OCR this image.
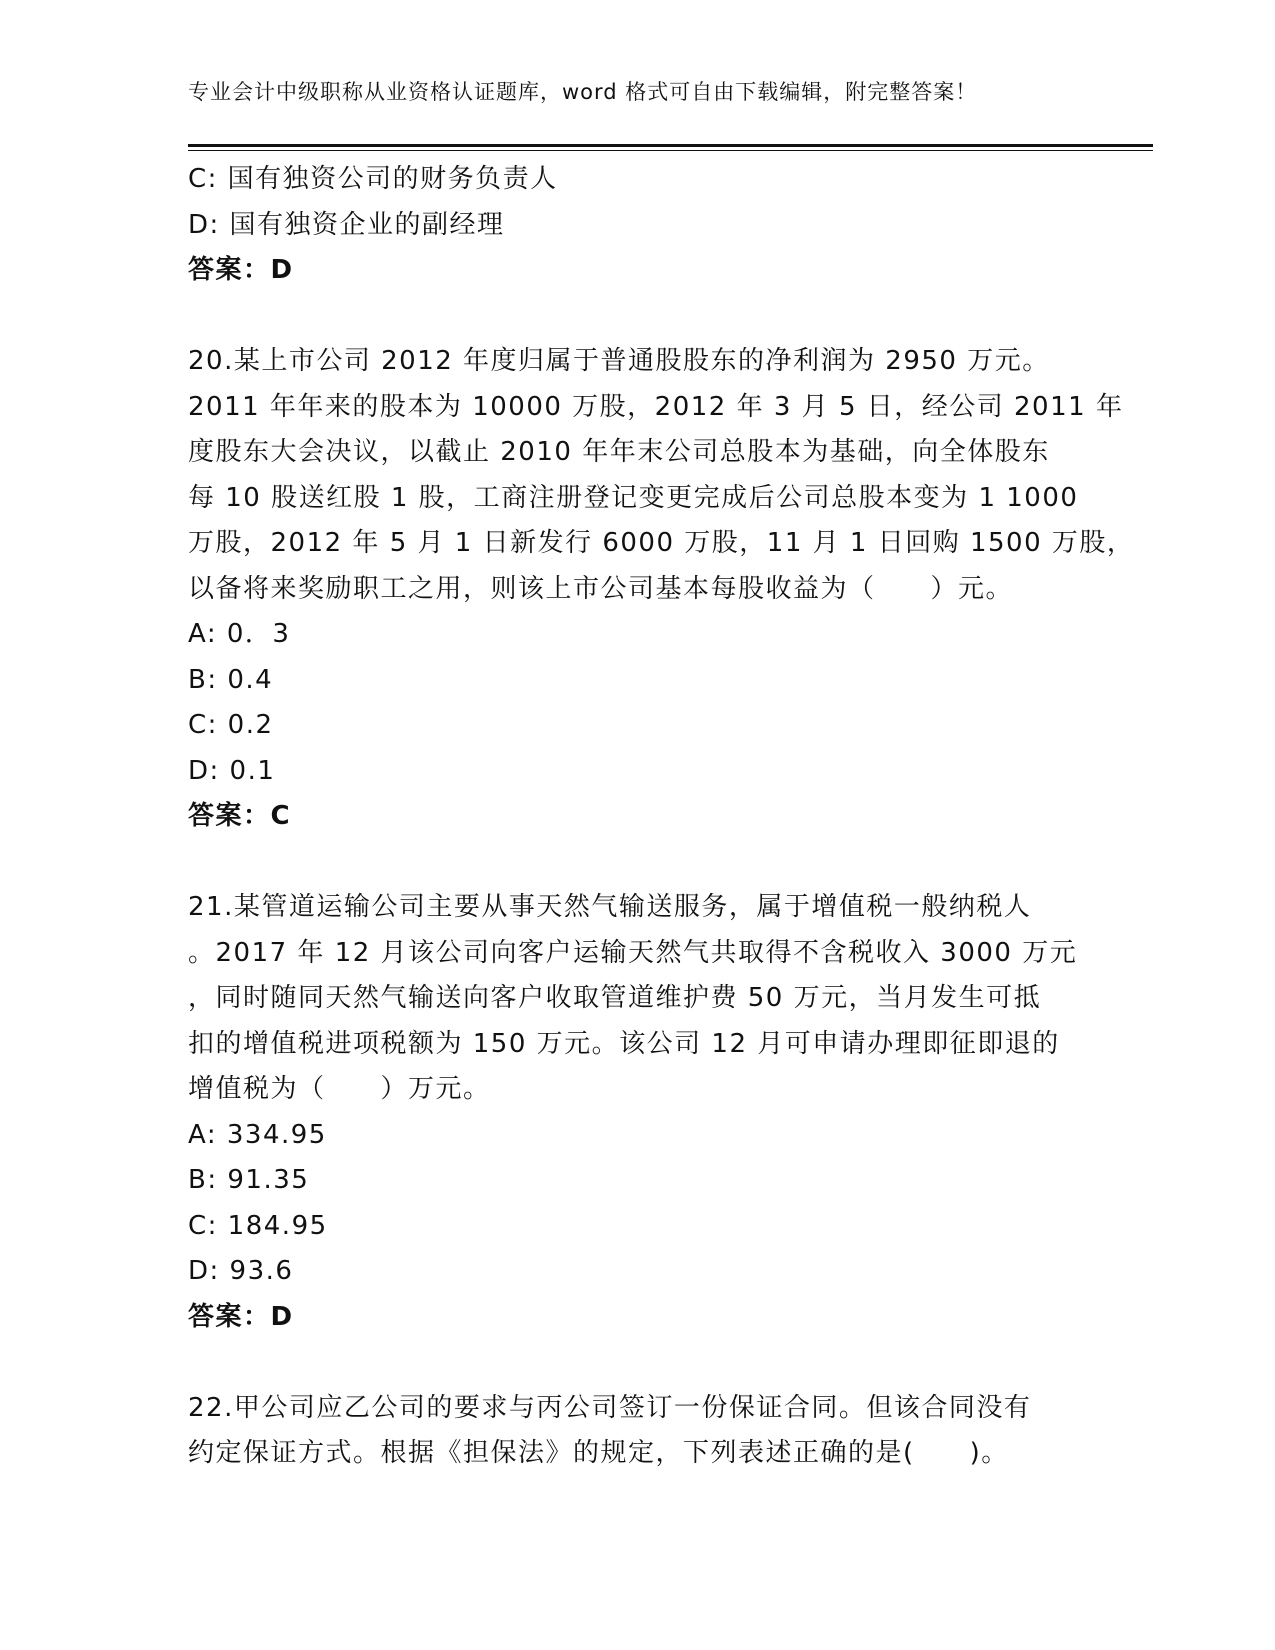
专业会计中级职称从业资格认证题库，word 格式可自由下载编辑，附完整答案！
C: 国有独资公司的财务负责人
D: 国有独资企业的副经理
答案：D
20.某上市公司 2012 年度归属于普通股股东的净利润为 2950 万元。
2011 年年来的股本为 10000 万股，2012 年 3 月 5 日，经公司 2011 年
度股东大会决议，以截止 2010 年年末公司总股本为基础，向全体股东
每 10 股送红股 1 股，工商注册登记变更完成后公司总股本变为 1 1000
万股，2012 年 5 月 1 日新发行 6000 万股，11 月 1 日回购 1500 万股，
以备将来奖励职工之用，则该上市公司基本每股收益为（　　）元。
A: 0．3
B: 0.4
C: 0.2
D: 0.1
答案：C
21.某管道运输公司主要从事天然气输送服务，属于增值税一般纳税人
。2017 年 12 月该公司向客户运输天然气共取得不含税收入 3000 万元
，同时随同天然气输送向客户收取管道维护费 50 万元，当月发生可抵
扣的增值税进项税额为 150 万元。该公司 12 月可申请办理即征即退的
增值税为（　　）万元。
A: 334.95
B: 91.35
C: 184.95
D: 93.6
答案：D
22.甲公司应乙公司的要求与丙公司签订一份保证合同。但该合同没有
约定保证方式。根据《担保法》的规定，下列表述正确的是(　　)。
